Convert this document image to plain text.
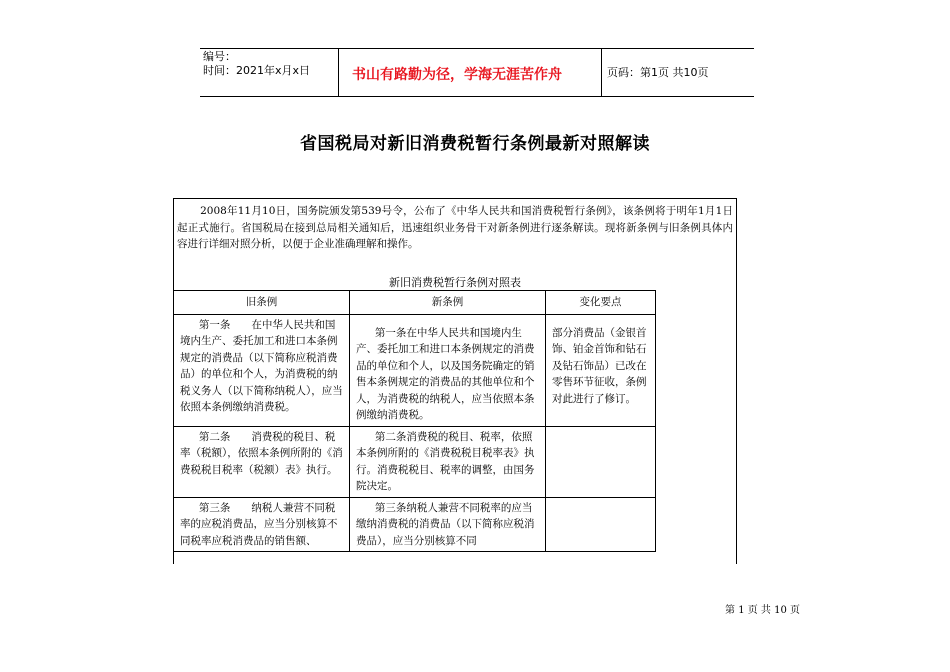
编号：
时间：2021年x月x日	书山有路勤为径，学海无涯苦作舟	页码：第1页 共10页
省国税局对新旧消费税暂行条例最新对照解读

2008年11月10日，国务院颁发第539号令，公布了《中华人民共和国消费税暂行条例》，该条例将于明年1月1日起正式施行。省国税局在接到总局相关通知后，迅速组织业务骨干对新条例进行逐条解读。现将新条例与旧条例具体内容进行详细对照分析，以便于企业准确理解和操作。

新旧消费税暂行条例对照表
旧条例	新条例	变化要点
第一条　　在中华人民共和国境内生产、委托加工和进口本条例规定的消费品（以下简称应税消费品）的单位和个人，为消费税的纳税义务人（以下简称纳税人），应当依照本条例缴纳消费税。	第一条在中华人民共和国境内生产、委托加工和进口本条例规定的消费品的单位和个人，以及国务院确定的销售本条例规定的消费品的其他单位和个人，为消费税的纳税人，应当依照本条例缴纳消费税。	部分消费品（金银首饰、铂金首饰和钻石及钻石饰品）已改在零售环节征收，条例对此进行了修订。
第二条　　消费税的税目、税率（税额），依照本条例所附的《消费税税目税率（税额）表》执行。	第二条消费税的税目、税率，依照本条例所附的《消费税税目税率表》执行。消费税税目、税率的调整，由国务院决定。	
第三条　　纳税人兼营不同税率的应税消费品，应当分别核算不同税率应税消费品的销售额、	第三条纳税人兼营不同税率的应当缴纳消费税的消费品（以下简称应税消费品），应当分别核算不同	
第 1 页 共 10 页
